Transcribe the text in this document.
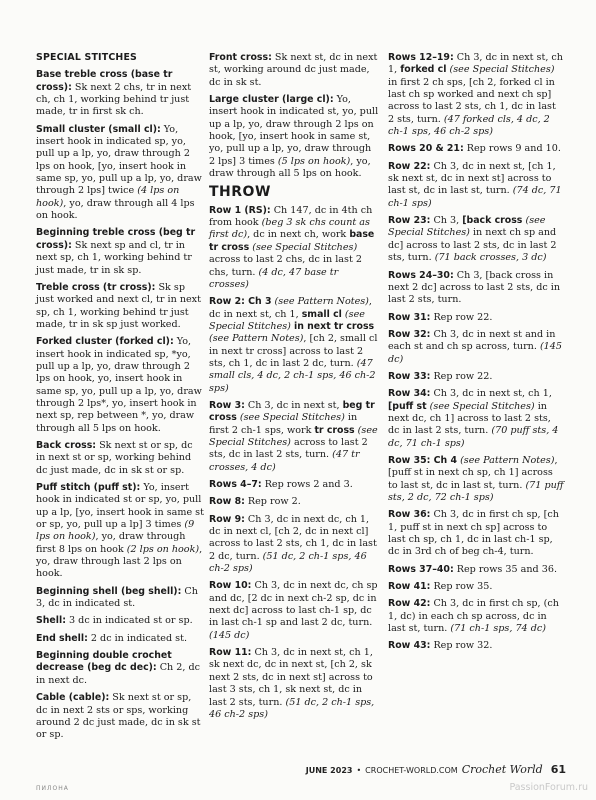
SPECIAL STITCHES
Base treble cross (base tr cross): Sk next 2 chs, tr in next ch, ch 1, working behind tr just made, tr in first sk ch.
Small cluster (small cl): Yo, insert hook in indicated sp, yo, pull up a lp, yo, draw through 2 lps on hook, [yo, insert hook in same sp, yo, pull up a lp, yo, draw through 2 lps] twice (4 lps on hook), yo, draw through all 4 lps on hook.
Beginning treble cross (beg tr cross): Sk next sp and cl, tr in next sp, ch 1, working behind tr just made, tr in sk sp.
Treble cross (tr cross): Sk sp just worked and next cl, tr in next sp, ch 1, working behind tr just made, tr in sk sp just worked.
Forked cluster (forked cl): Yo, insert hook in indicated sp, *yo, pull up a lp, yo, draw through 2 lps on hook, yo, insert hook in same sp, yo, pull up a lp, yo, draw through 2 lps*, yo, insert hook in next sp, rep between *, yo, draw through all 5 lps on hook.
Back cross: Sk next st or sp, dc in next st or sp, working behind dc just made, dc in sk st or sp.
Puff stitch (puff st): Yo, insert hook in indicated st or sp, yo, pull up a lp, [yo, insert hook in same st or sp, yo, pull up a lp] 3 times (9 lps on hook), yo, draw through first 8 lps on hook (2 lps on hook), yo, draw through last 2 lps on hook.
Beginning shell (beg shell): Ch 3, dc in indicated st.
Shell: 3 dc in indicated st or sp.
End shell: 2 dc in indicated st.
Beginning double crochet decrease (beg dc dec): Ch 2, dc in next dc.
Cable (cable): Sk next st or sp, dc in next 2 sts or sps, working around 2 dc just made, dc in sk st or sp.
Front cross: Sk next st, dc in next st, working around dc just made, dc in sk st.
Large cluster (large cl): Yo, insert hook in indicated st, yo, pull up a lp, yo, draw through 2 lps on hook, [yo, insert hook in same st, yo, pull up a lp, yo, draw through 2 lps] 3 times (5 lps on hook), yo, draw through all 5 lps on hook.
THROW
Row 1 (RS): Ch 147, dc in 4th ch from hook (beg 3 sk chs count as first dc), dc in next ch, work base tr cross (see Special Stitches) across to last 2 chs, dc in last 2 chs, turn. (4 dc, 47 base tr crosses)
Row 2: Ch 3 (see Pattern Notes), dc in next st, ch 1, small cl (see Special Stitches) in next tr cross (see Pattern Notes), [ch 2, small cl in next tr cross] across to last 2 sts, ch 1, dc in last 2 dc, turn. (47 small cls, 4 dc, 2 ch-1 sps, 46 ch-2 sps)
Row 3: Ch 3, dc in next st, beg tr cross (see Special Stitches) in first 2 ch-1 sps, work tr cross (see Special Stitches) across to last 2 sts, dc in last 2 sts, turn. (47 tr crosses, 4 dc)
Rows 4–7: Rep rows 2 and 3.
Row 8: Rep row 2.
Row 9: Ch 3, dc in next dc, ch 1, dc in next cl, [ch 2, dc in next cl] across to last 2 sts, ch 1, dc in last 2 dc, turn. (51 dc, 2 ch-1 sps, 46 ch-2 sps)
Row 10: Ch 3, dc in next dc, ch sp and dc, [2 dc in next ch-2 sp, dc in next dc] across to last ch-1 sp, dc in last ch-1 sp and last 2 dc, turn. (145 dc)
Row 11: Ch 3, dc in next st, ch 1, sk next dc, dc in next st, [ch 2, sk next 2 sts, dc in next st] across to last 3 sts, ch 1, sk next st, dc in last 2 sts, turn. (51 dc, 2 ch-1 sps, 46 ch-2 sps)
Rows 12–19: Ch 3, dc in next st, ch 1, forked cl (see Special Stitches) in first 2 ch sps, [ch 2, forked cl in last ch sp worked and next ch sp] across to last 2 sts, ch 1, dc in last 2 sts, turn. (47 forked cls, 4 dc, 2 ch-1 sps, 46 ch-2 sps)
Rows 20 & 21: Rep rows 9 and 10.
Row 22: Ch 3, dc in next st, [ch 1, sk next st, dc in next st] across to last st, dc in last st, turn. (74 dc, 71 ch-1 sps)
Row 23: Ch 3, [back cross (see Special Stitches) in next ch sp and dc] across to last 2 sts, dc in last 2 sts, turn. (71 back crosses, 3 dc)
Rows 24–30: Ch 3, [back cross in next 2 dc] across to last 2 sts, dc in last 2 sts, turn.
Row 31: Rep row 22.
Row 32: Ch 3, dc in next st and in each st and ch sp across, turn. (145 dc)
Row 33: Rep row 22.
Row 34: Ch 3, dc in next st, ch 1, [puff st (see Special Stitches) in next dc, ch 1] across to last 2 sts, dc in last 2 sts, turn. (70 puff sts, 4 dc, 71 ch-1 sps)
Row 35: Ch 4 (see Pattern Notes), [puff st in next ch sp, ch 1] across to last st, dc in last st, turn. (71 puff sts, 2 dc, 72 ch-1 sps)
Row 36: Ch 3, dc in first ch sp, [ch 1, puff st in next ch sp] across to last ch sp, ch 1, dc in last ch-1 sp, dc in 3rd ch of beg ch-4, turn.
Rows 37–40: Rep rows 35 and 36.
Row 41: Rep row 35.
Row 42: Ch 3, dc in first ch sp, (ch 1, dc) in each ch sp across, dc in last st, turn. (71 ch-1 sps, 74 dc)
Row 43: Rep row 32.
JUNE 2023 • CROCHET-WORLD.COM Crochet World 61
ПИЛОНА	PassionForum.ru
